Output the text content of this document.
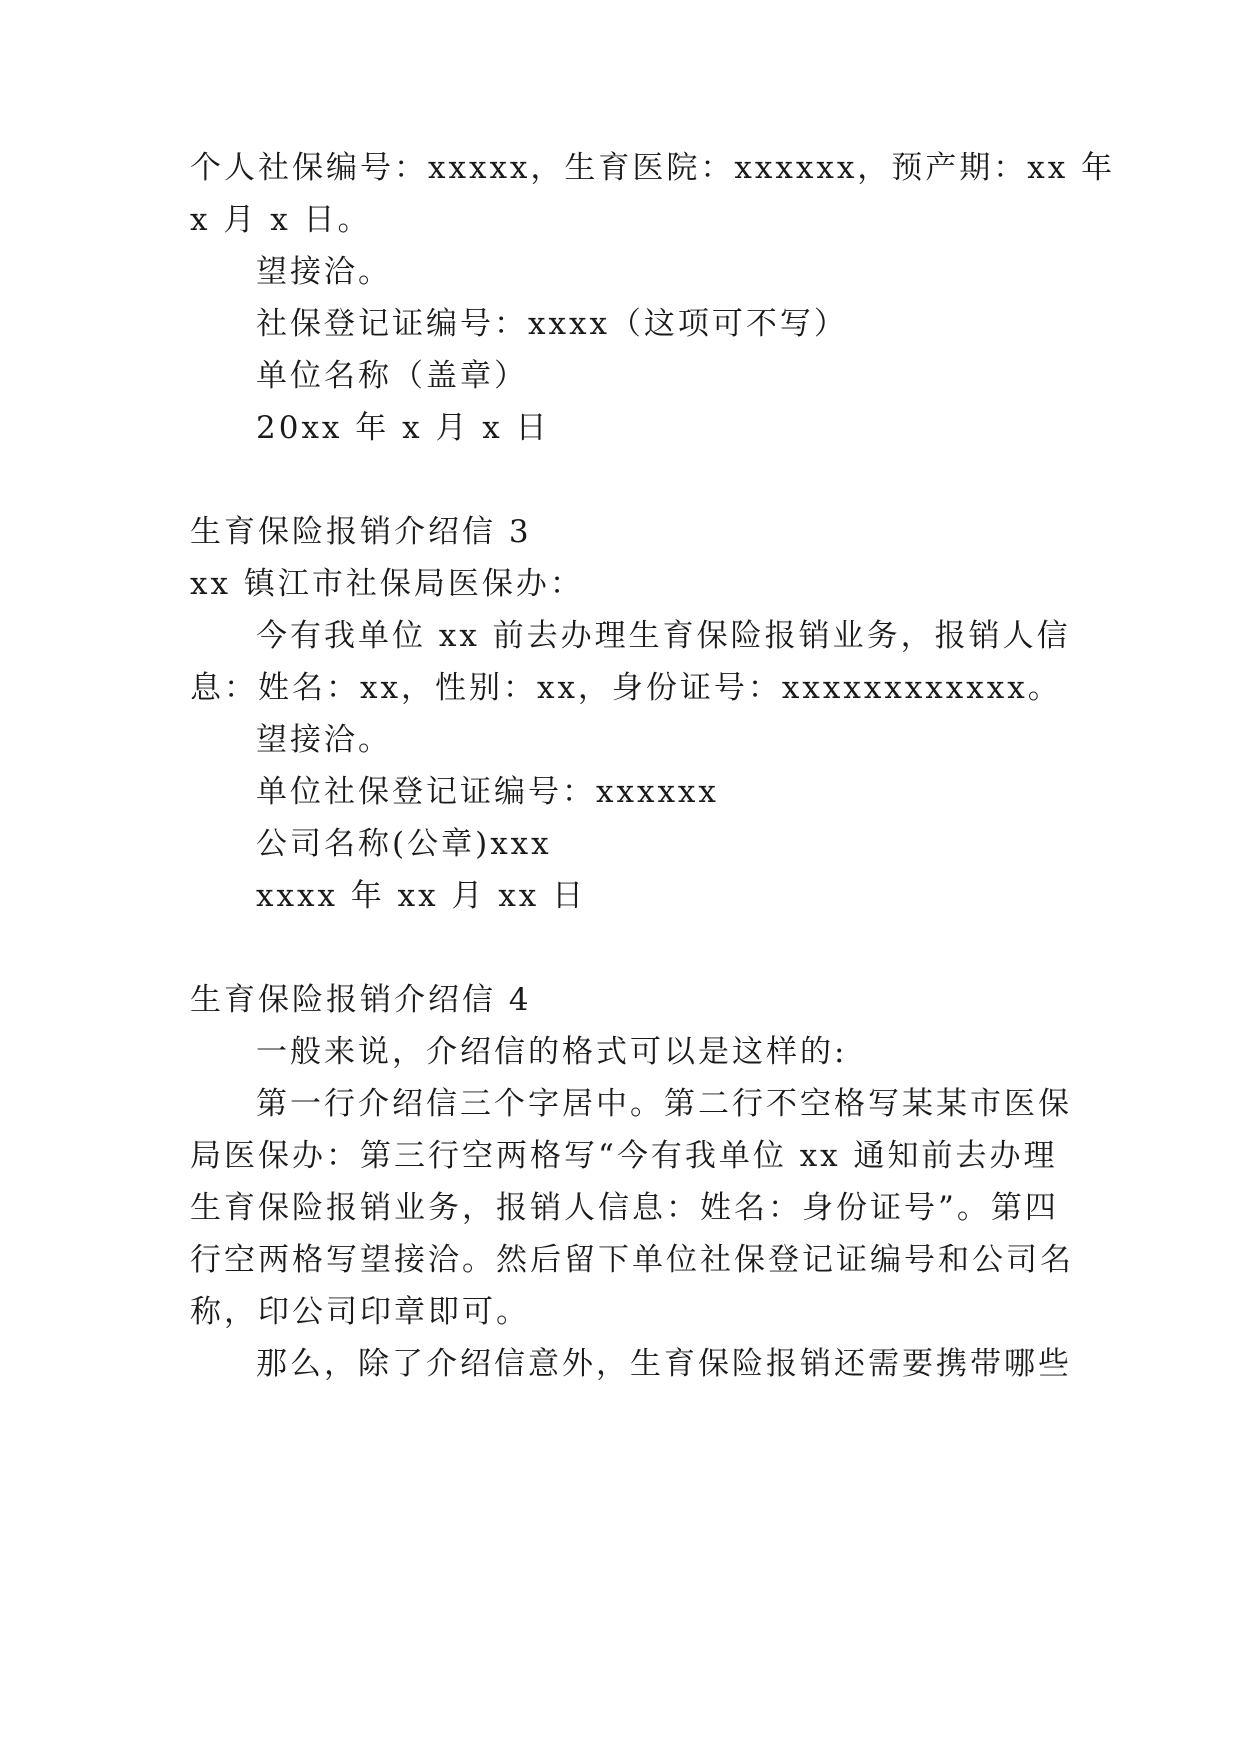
个人社保编号：xxxxx，生育医院：xxxxxx，预产期：xx 年

x 月 x 日。

望接洽。

社保登记证编号：xxxx（这项可不写）

单位名称（盖章）

20xx 年 x 月 x 日

生育保险报销介绍信 3

xx 镇江市社保局医保办：

今有我单位 xx 前去办理生育保险报销业务，报销人信

息：姓名：xx，性别：xx，身份证号：xxxxxxxxxxxx。

望接洽。

单位社保登记证编号：xxxxxx

公司名称(公章)xxx

xxxx 年 xx 月 xx 日

生育保险报销介绍信 4

一般来说，介绍信的格式可以是这样的:

第一行介绍信三个字居中。第二行不空格写某某市医保

局医保办：第三行空两格写“今有我单位 xx 通知前去办理

生育保险报销业务，报销人信息：姓名：身份证号”。第四

行空两格写望接洽。然后留下单位社保登记证编号和公司名

称，印公司印章即可。

那么，除了介绍信意外，生育保险报销还需要携带哪些
